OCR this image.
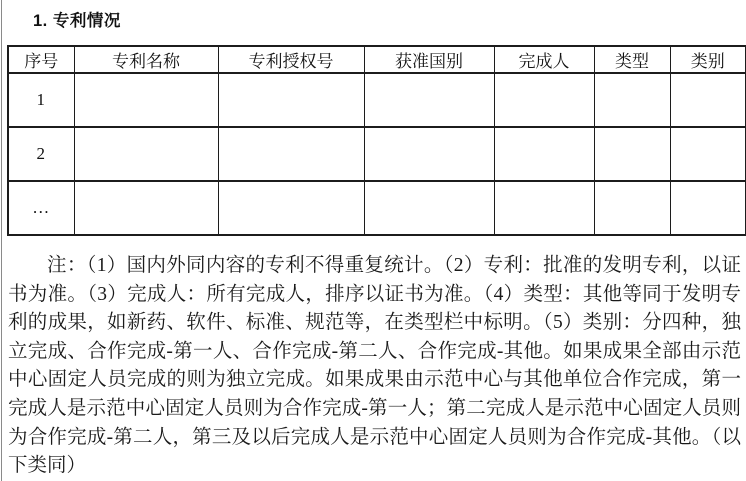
1. 专利情况
序号	专利名称	专利授权号	获准国别	完成人	类型	类别
1						
2						
…						
注：（1）国内外同内容的专利不得重复统计。（2）专利：批准的发明专利，以证书为准。（3）完成人：所有完成人，排序以证书为准。（4）类型：其他等同于发明专利的成果，如新药、软件、标准、规范等，在类型栏中标明。（5）类别：分四种，独立完成、合作完成-第一人、合作完成-第二人、合作完成-其他。如果成果全部由示范中心固定人员完成的则为独立完成。如果成果由示范中心与其他单位合作完成，第一完成人是示范中心固定人员则为合作完成-第一人；第二完成人是示范中心固定人员则为合作完成-第二人，第三及以后完成人是示范中心固定人员则为合作完成-其他。（以下类同）
